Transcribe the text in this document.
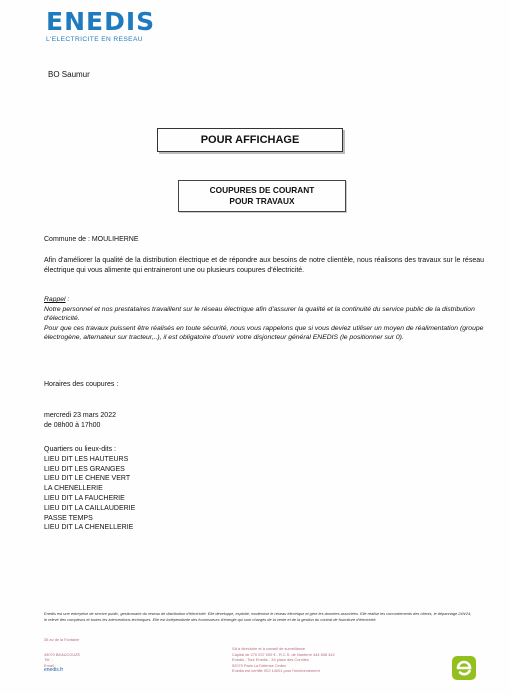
ENEDIS
L'ELECTRICITE EN RESEAU
BO Saumur
POUR AFFICHAGE
COUPURES DE COURANT
POUR TRAVAUX
Commune de : MOULIHERNE
Afin d'améliorer la qualité de la distribution électrique et de répondre aux besoins de notre clientèle, nous réalisons des travaux sur le réseau électrique qui vous alimente qui entraineront une ou plusieurs coupures d'électricité.
Rappel :
Notre personnel et nos prestataires travaillent sur le réseau électrique afin d'assurer la qualité et la continuité du service public de la distribution d'électricité.
Pour que ces travaux puissent être réalisés en toute sécurité, nous vous rappelons que si vous deviez utiliser un moyen de réalimentation (groupe électrogène, alternateur sur tracteur,..), il est obligatoire d'ouvrir votre disjoncteur général ENEDIS (le positionner sur 0).
Horaires des coupures :
mercredi 23 mars 2022
de 08h00 à 17h00
Quartiers ou lieux-dits :
LIEU DIT LES HAUTEURS
LIEU DIT LES GRANGES
LIEU DIT LE CHENE VERT
LA CHENELLERIE
LIEU DIT LA FAUCHERIE
LIEU DIT LA CAILLAUDERIE
PASSE TEMPS
LIEU DIT LA CHENELLERIE
Enedis est une entreprise de service public, gestionnaire du réseau de distribution d'électricité. Elle développe, exploite, modernise le réseau électrique et gère les données associées. Elle réalise les raccordements des clients, le dépannage 24h/24, le relevé des compteurs et toutes les interventions techniques. Elle est indépendante des fournisseurs d'énergie qui sont chargés de la vente et de la gestion du contrat de fourniture d'électricité.
35 av de la Fontaine
49070 BEAUCOUZE
Tél. :
Email :
enedis.fr
SA à directoire et à conseil de surveillance
Capital de 270 037 000 € - R.C.S. de Nanterre 444 608 442
Enedis - Tour Enedis - 34 place des Corolles
92079 Paris La Défense Cedex
Enedis est certifié ISO 14001 pour l'environnement
